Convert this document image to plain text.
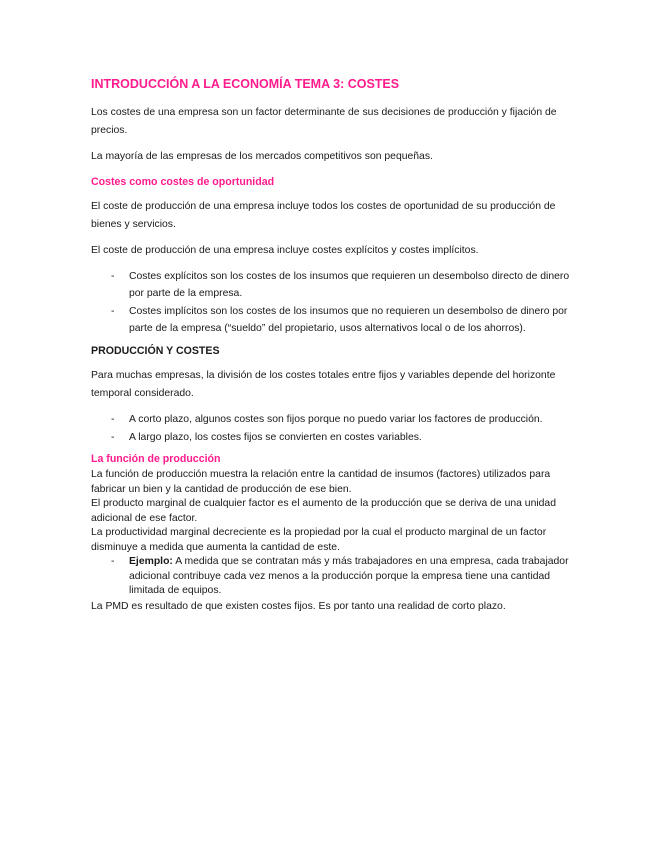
INTRODUCCIÓN A LA ECONOMÍA TEMA 3: COSTES

Los costes de una empresa son un factor determinante de sus decisiones de producción y fijación de precios.

La mayoría de las empresas de los mercados competitivos son pequeñas.

Costes como costes de oportunidad

El coste de producción de una empresa incluye todos los costes de oportunidad de su producción de bienes y servicios.

El coste de producción de una empresa incluye costes explícitos y costes implícitos.

- Costes explícitos son los costes de los insumos que requieren un desembolso directo de dinero por parte de la empresa.
- Costes implícitos son los costes de los insumos que no requieren un desembolso de dinero por parte de la empresa (“sueldo” del propietario, usos alternativos local o de los ahorros).
PRODUCCIÓN Y COSTES

Para muchas empresas, la división de los costes totales entre fijos y variables depende del horizonte temporal considerado.

- A corto plazo, algunos costes son fijos porque no puedo variar los factores de producción.
- A largo plazo, los costes fijos se convierten en costes variables.
La función de producción

La función de producción muestra la relación entre la cantidad de insumos (factores) utilizados para fabricar un bien y la cantidad de producción de ese bien.

El producto marginal de cualquier factor es el aumento de la producción que se deriva de una unidad adicional de ese factor.

La productividad marginal decreciente es la propiedad por la cual el producto marginal de un factor disminuye a medida que aumenta la cantidad de este.

- Ejemplo: A medida que se contratan más y más trabajadores en una empresa, cada trabajador adicional contribuye cada vez menos a la producción porque la empresa tiene una cantidad limitada de equipos.

La PMD es resultado de que existen costes fijos. Es por tanto una realidad de corto plazo.
